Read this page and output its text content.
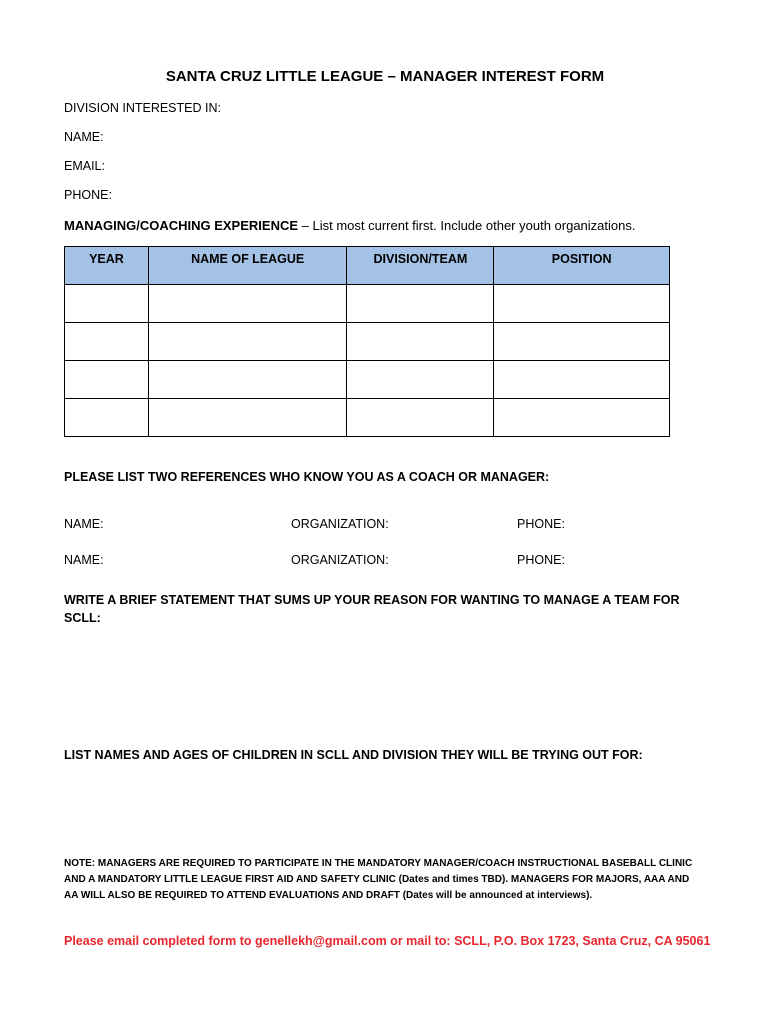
SANTA CRUZ LITTLE LEAGUE – MANAGER INTEREST FORM
DIVISION INTERESTED IN:
NAME:
EMAIL:
PHONE:
MANAGING/COACHING EXPERIENCE – List most current first. Include other youth organizations.
YEAR	NAME OF LEAGUE	DIVISION/TEAM	POSITION

PLEASE LIST TWO REFERENCES WHO KNOW YOU AS A COACH OR MANAGER:
NAME:	ORGANIZATION:	PHONE:
NAME:	ORGANIZATION:	PHONE:
WRITE A BRIEF STATEMENT THAT SUMS UP YOUR REASON FOR WANTING TO MANAGE A TEAM FOR SCLL:
LIST NAMES AND AGES OF CHILDREN IN SCLL AND DIVISION THEY WILL BE TRYING OUT FOR:
NOTE: MANAGERS ARE REQUIRED TO PARTICIPATE IN THE MANDATORY MANAGER/COACH INSTRUCTIONAL BASEBALL CLINIC AND A MANDATORY LITTLE LEAGUE FIRST AID AND SAFETY CLINIC (Dates and times TBD). MANAGERS FOR MAJORS, AAA AND AA WILL ALSO BE REQUIRED TO ATTEND EVALUATIONS AND DRAFT (Dates will be announced at interviews).
Please email completed form to genellekh@gmail.com or mail to: SCLL, P.O. Box 1723, Santa Cruz, CA 95061
